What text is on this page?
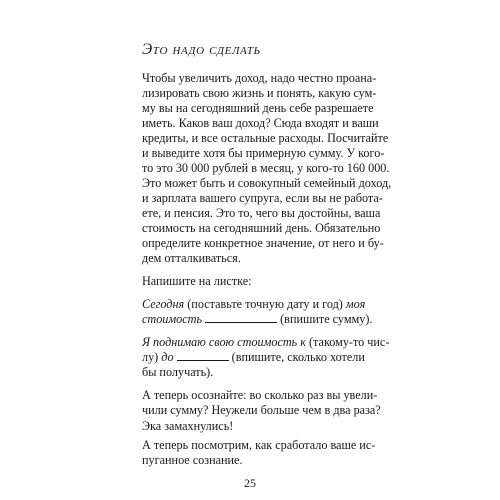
Это надо сделать
Чтобы увеличить доход, надо честно проана-
лизировать свою жизнь и понять, какую сум-
му вы на сегодняшний день себе разрешаете
иметь. Каков ваш доход? Сюда входят и ваши
кредиты, и все остальные расходы. Посчитайте
и выведите хотя бы примерную сумму. У кого-
то это 30 000 рублей в месяц, у кого-то 160 000.
Это может быть и совокупный семейный доход,
и зарплата вашего супруга, если вы не работа-
ете, и пенсия. Это то, чего вы достойны, ваша
стоимость на сегодняшний день. Обязательно
определите конкретное значение, от него и бу-
дем отталкиваться.
Напишите на листке:
Сегодня (поставьте точную дату и год) моя
стоимость	(впишите сумму).
Я поднимаю свою стоимость к (такому-то чис-
лу) до	(впишите, сколько хотели
бы получать).
А теперь осознайте: во сколько раз вы увели-
чили сумму? Неужели больше чем в два раза?
Эка замахнулись!
А теперь посмотрим, как сработало ваше ис-
пуганное сознание.
25
